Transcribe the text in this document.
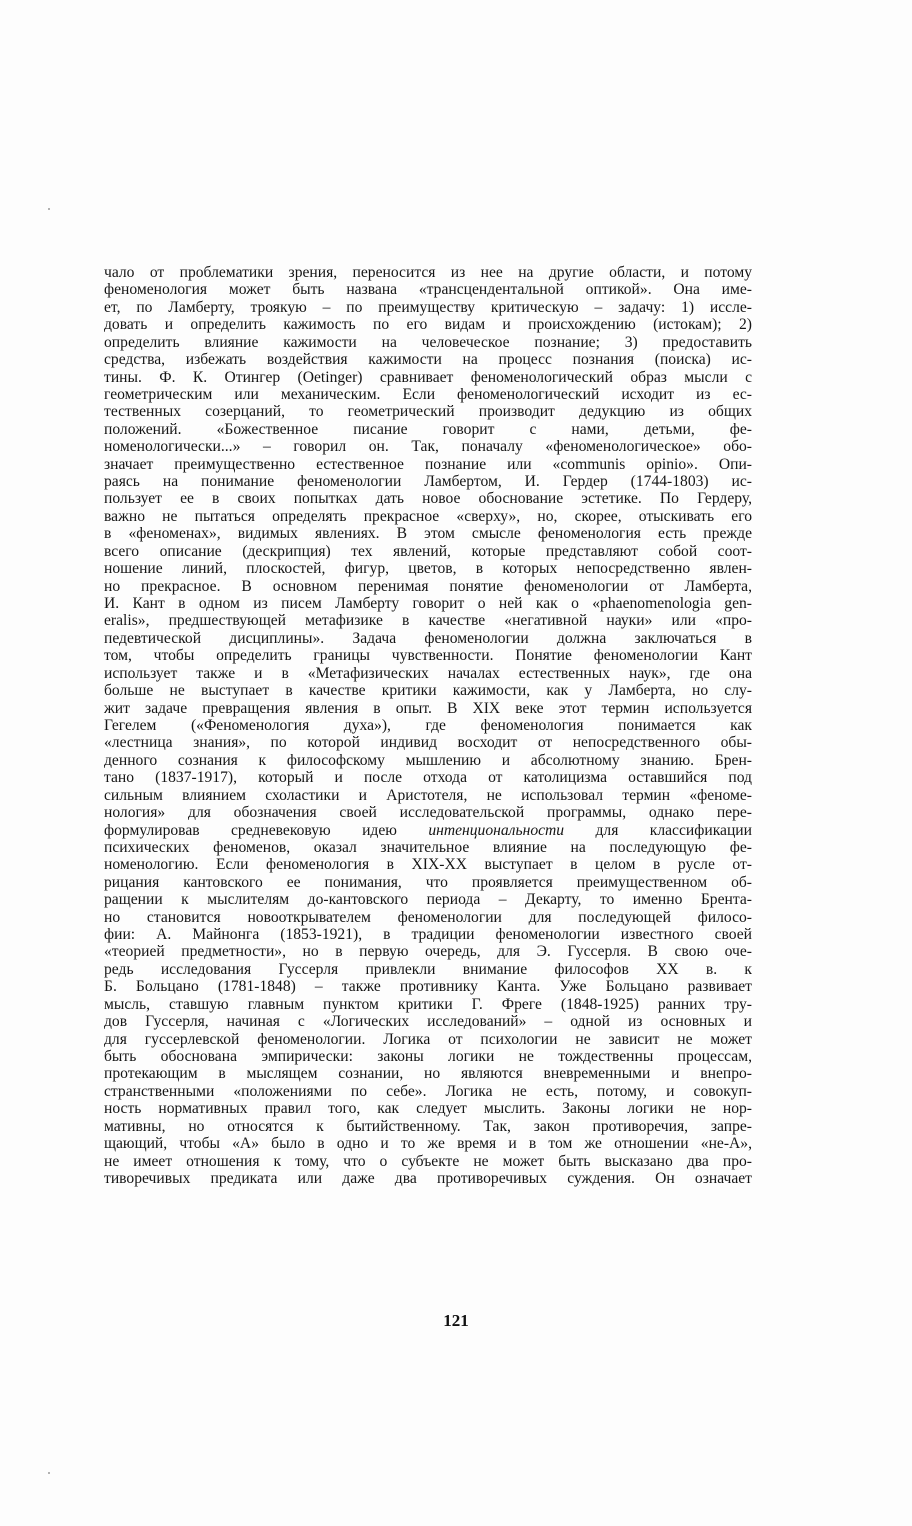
чало от проблематики зрения, переносится из нее на другие области, и потому
феноменология может быть названа «трансцендентальной оптикой». Она име-
ет, по Ламберту, троякую – по преимуществу критическую – задачу: 1) иссле-
довать и определить кажимость по его видам и происхождению (истокам); 2)
определить влияние кажимости на человеческое познание; 3) предоставить
средства, избежать воздействия кажимости на процесс познания (поиска) ис-
тины. Ф. К. Отингер (Oetinger) сравнивает феноменологический образ мысли с
геометрическим или механическим. Если феноменологический исходит из ес-
тественных созерцаний, то геометрический производит дедукцию из общих
положений. «Божественное писание говорит с нами, детьми, фе-
номенологически...» – говорил он. Так, поначалу «феноменологическое» обо-
значает преимущественно естественное познание или «communis opinio». Опи-
раясь на понимание феноменологии Ламбертом, И. Гердер (1744-1803) ис-
пользует ее в своих попытках дать новое обоснование эстетике. По Гердеру,
важно не пытаться определять прекрасное «сверху», но, скорее, отыскивать его
в «феноменах», видимых явлениях. В этом смысле феноменология есть прежде
всего описание (дескрипция) тех явлений, которые представляют собой соот-
ношение линий, плоскостей, фигур, цветов, в которых непосредственно явлен-
но прекрасное. В основном перенимая понятие феноменологии от Ламберта,
И. Кант в одном из писем Ламберту говорит о ней как о «phaenomenologia gen-
eralis», предшествующей метафизике в качестве «негативной науки» или «про-
педевтической дисциплины». Задача феноменологии должна заключаться в
том, чтобы определить границы чувственности. Понятие феноменологии Кант
использует также и в «Метафизических началах естественных наук», где она
больше не выступает в качестве критики кажимости, как у Ламберта, но слу-
жит задаче превращения явления в опыт. В XIX веке этот термин используется
Гегелем («Феноменология духа»), где феноменология понимается как
«лестница знания», по которой индивид восходит от непосредственного обы-
денного сознания к философскому мышлению и абсолютному знанию. Брен-
тано (1837-1917), который и после отхода от католицизма оставшийся под
сильным влиянием схоластики и Аристотеля, не использовал термин «феноме-
нология» для обозначения своей исследовательской программы, однако пере-
формулировав средневековую идею интенциональности для классификации
психических феноменов, оказал значительное влияние на последующую фе-
номенологию. Если феноменология в XIX-XX выступает в целом в русле от-
рицания кантовского ее понимания, что проявляется преимущественном об-
ращении к мыслителям до-кантовского периода – Декарту, то именно Брента-
но становится новооткрывателем феноменологии для последующей филосо-
фии: А. Майнонга (1853-1921), в традиции феноменологии известного своей
«теорией предметности», но в первую очередь, для Э. Гуссерля. В свою оче-
редь исследования Гуссерля привлекли внимание философов XX в. к
Б. Больцано (1781-1848) – также противнику Канта. Уже Больцано развивает
мысль, ставшую главным пунктом критики Г. Фреге (1848-1925) ранних тру-
дов Гуссерля, начиная с «Логических исследований» – одной из основных и
для гуссерлевской феноменологии. Логика от психологии не зависит не может
быть обоснована эмпирически: законы логики не тождественны процессам,
протекающим в мыслящем сознании, но являются вневременными и внепро-
странственными «положениями по себе». Логика не есть, потому, и совокуп-
ность нормативных правил того, как следует мыслить. Законы логики не нор-
мативны, но относятся к бытийственному. Так, закон противоречия, запре-
щающий, чтобы «А» было в одно и то же время и в том же отношении «не-А»,
не имеет отношения к тому, что о субъекте не может быть высказано два про-
тиворечивых предиката или даже два противоречивых суждения. Он означает
121
